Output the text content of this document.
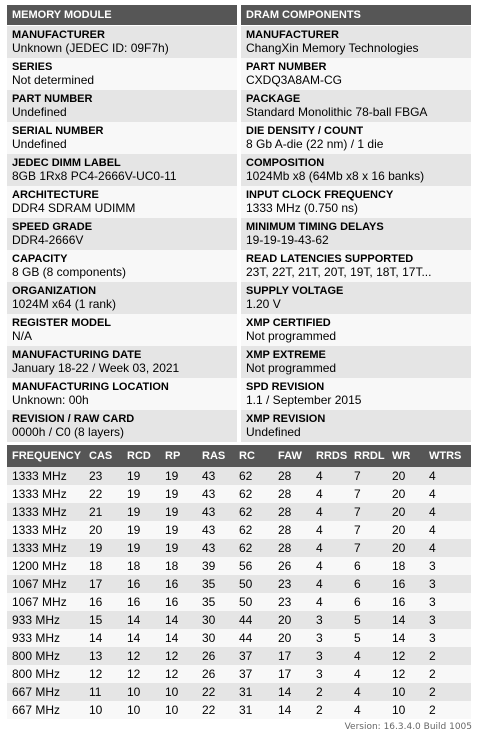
MEMORY MODULE
MANUFACTURER
Unknown (JEDEC ID: 09F7h)
SERIES
Not determined
PART NUMBER
Undefined
SERIAL NUMBER
Undefined
JEDEC DIMM LABEL
8GB 1Rx8 PC4-2666V-UC0-11
ARCHITECTURE
DDR4 SDRAM UDIMM
SPEED GRADE
DDR4-2666V
CAPACITY
8 GB (8 components)
ORGANIZATION
1024M x64 (1 rank)
REGISTER MODEL
N/A
MANUFACTURING DATE
January 18-22 / Week 03, 2021
MANUFACTURING LOCATION
Unknown: 00h
REVISION / RAW CARD
0000h / C0 (8 layers)
DRAM COMPONENTS
MANUFACTURER
ChangXin Memory Technologies
PART NUMBER
CXDQ3A8AM-CG
PACKAGE
Standard Monolithic 78-ball FBGA
DIE DENSITY / COUNT
8 Gb A-die (22 nm) / 1 die
COMPOSITION
1024Mb x8 (64Mb x8 x 16 banks)
INPUT CLOCK FREQUENCY
1333 MHz (0.750 ns)
MINIMUM TIMING DELAYS
19-19-19-43-62
READ LATENCIES SUPPORTED
23T, 22T, 21T, 20T, 19T, 18T, 17T...
SUPPLY VOLTAGE
1.20 V
XMP CERTIFIED
Not programmed
XMP EXTREME
Not programmed
SPD REVISION
1.1 / September 2015
XMP REVISION
Undefined
FREQUENCY	CAS	RCD	RP	RAS	RC	FAW	RRDS	RRDL	WR	WTRS
1333 MHz	23	19	19	43	62	28	4	7	20	4
1333 MHz	22	19	19	43	62	28	4	7	20	4
1333 MHz	21	19	19	43	62	28	4	7	20	4
1333 MHz	20	19	19	43	62	28	4	7	20	4
1333 MHz	19	19	19	43	62	28	4	7	20	4
1200 MHz	18	18	18	39	56	26	4	6	18	3
1067 MHz	17	16	16	35	50	23	4	6	16	3
1067 MHz	16	16	16	35	50	23	4	6	16	3
933 MHz	15	14	14	30	44	20	3	5	14	3
933 MHz	14	14	14	30	44	20	3	5	14	3
800 MHz	13	12	12	26	37	17	3	4	12	2
800 MHz	12	12	12	26	37	17	3	4	12	2
667 MHz	11	10	10	22	31	14	2	4	10	2
667 MHz	10	10	10	22	31	14	2	4	10	2
Version: 16.3.4.0 Build 1005
